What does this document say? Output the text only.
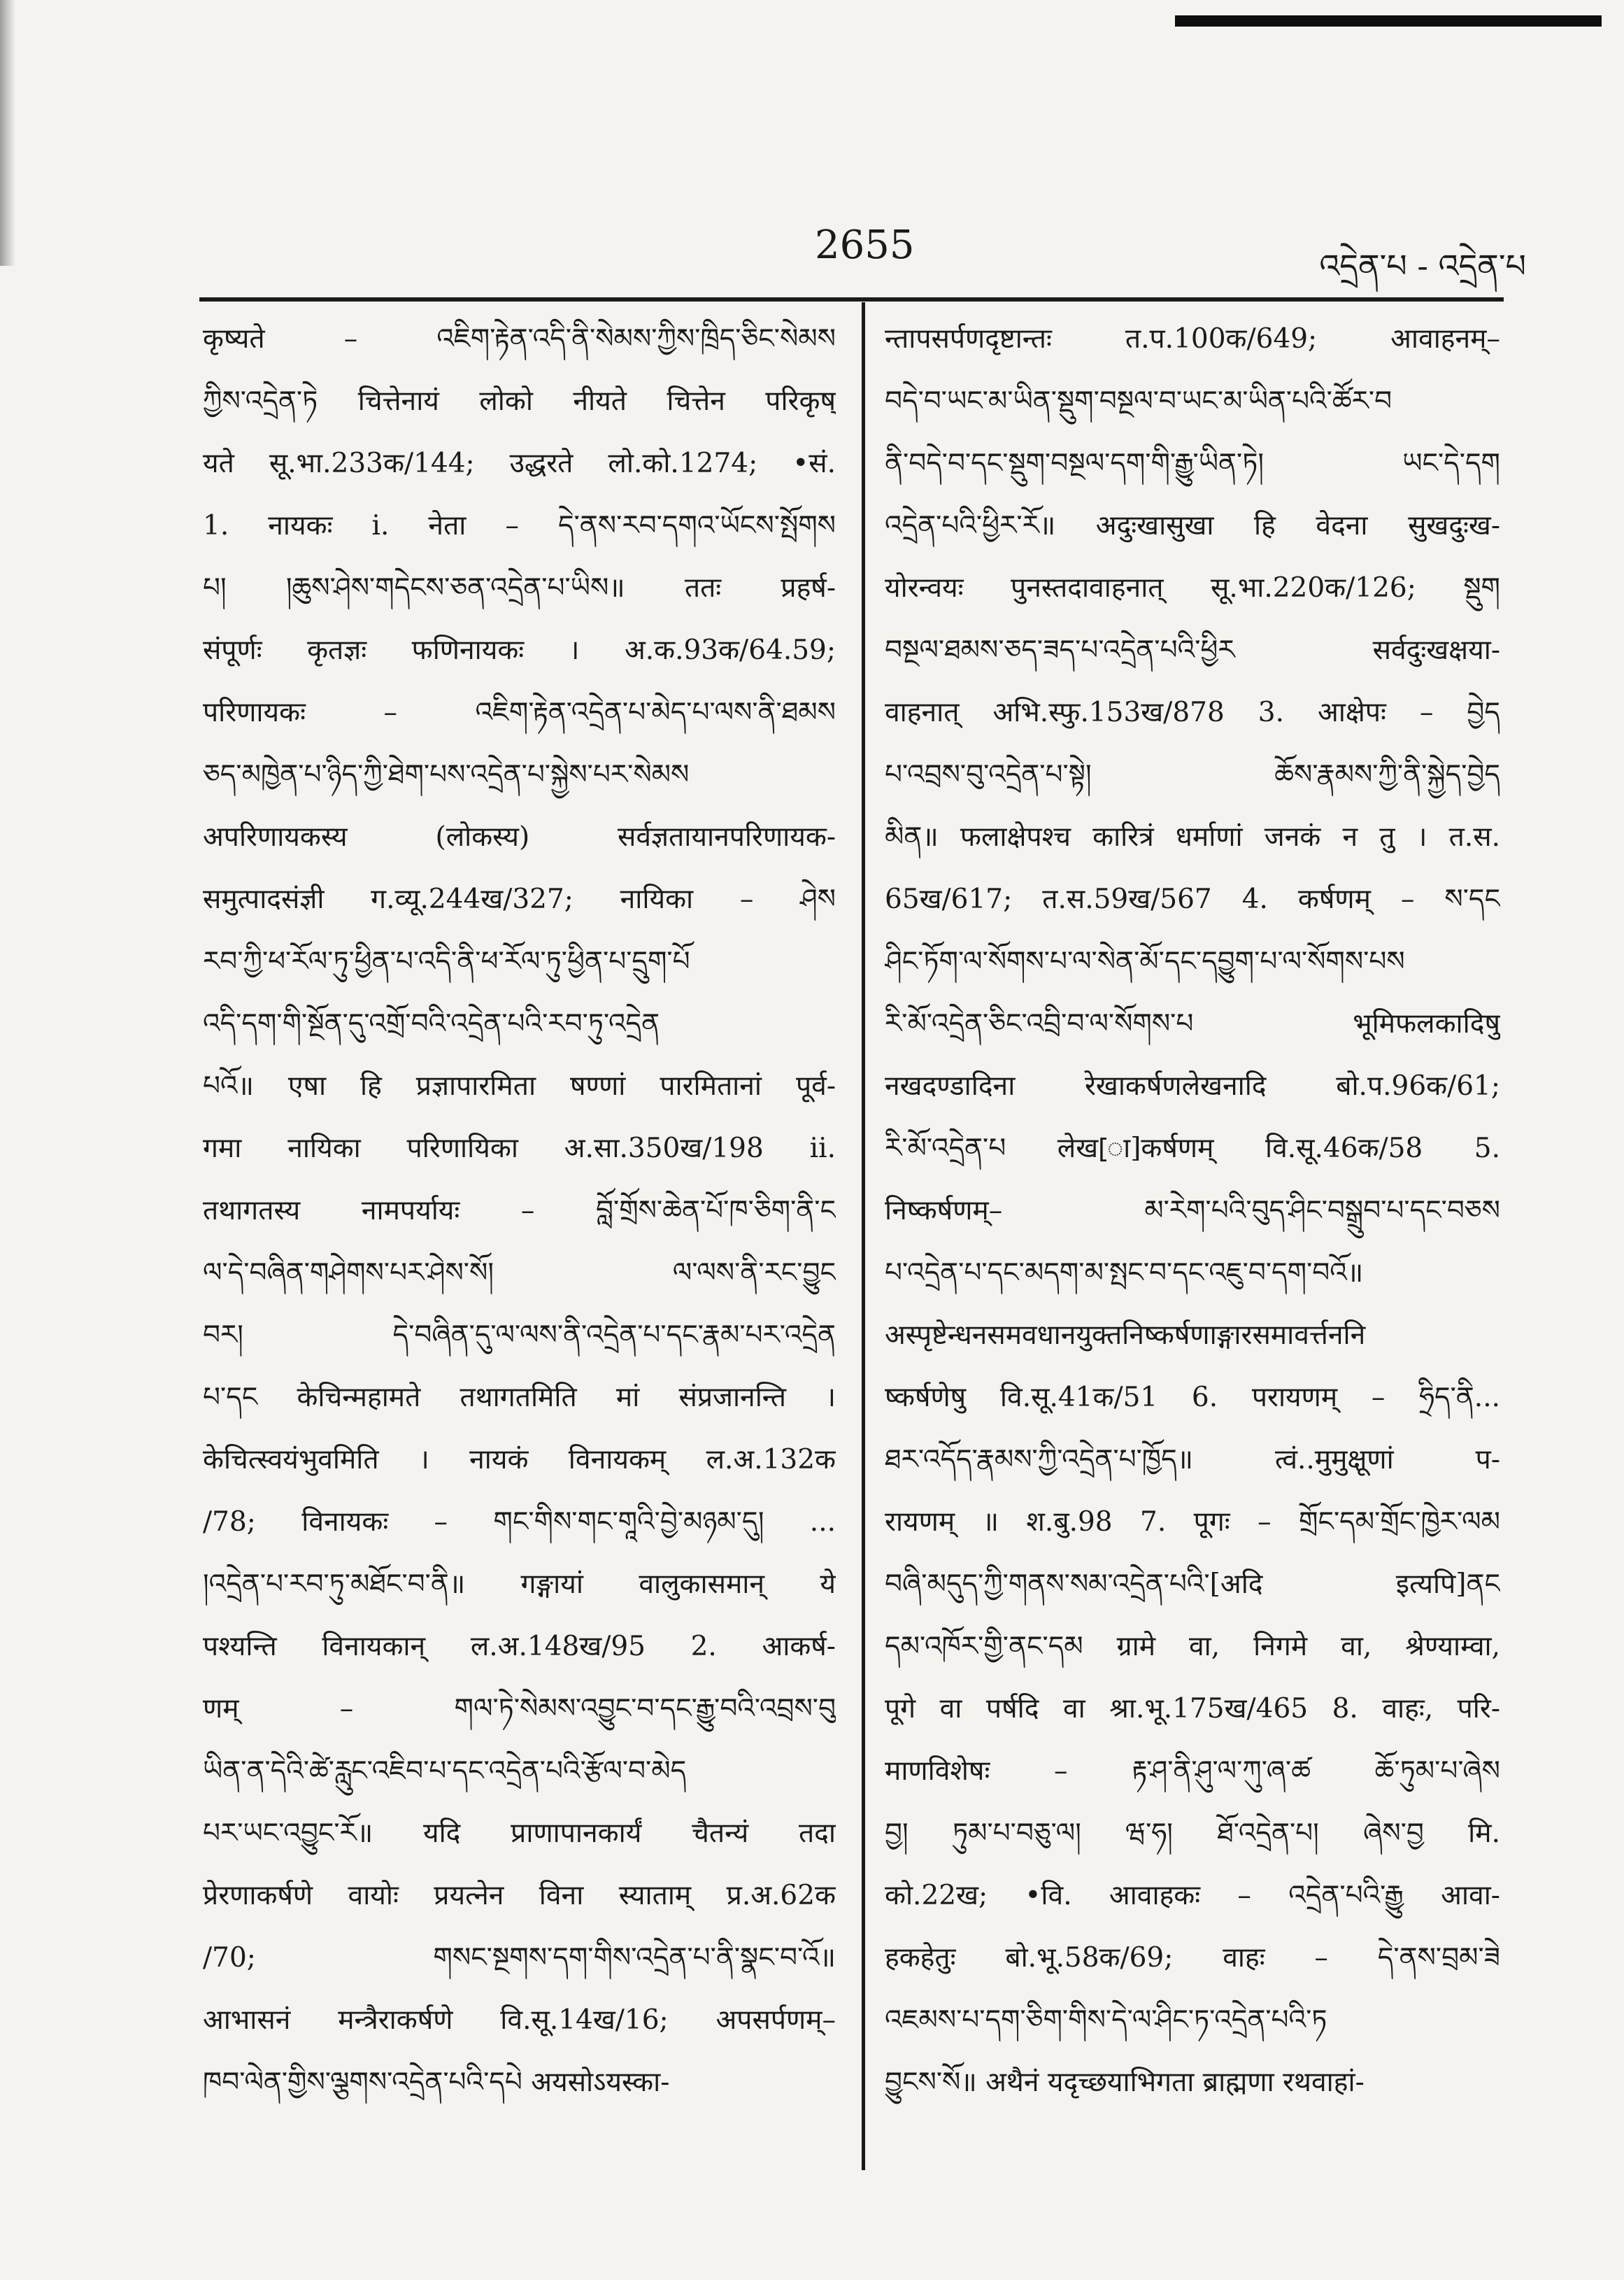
2655	འདྲེན་པ - འདྲེན་པ
कृष्यते – འཇིག་རྟེན་འདི་ནི་སེམས་ཀྱིས་ཁྲིད་ཅིང་སེམས
ཀྱིས་འདྲེན་ཏེ चित्तेनायं लोको नीयते चित्तेन परिकृष्
यते सू.भा.233क/144; उद्धरते लो.को.1274; •सं.
1. नायकः i. नेता – དེ་ནས་རབ་དགའ་ཡོངས་སྤོགས
པ། །ཆུས་ཤེས་གདེངས་ཅན་འདྲེན་པ་ཡིས॥ ततः प्रहर्ष-
संपूर्णः कृतज्ञः फणिनायकः । अ.क.93क/64.59;
परिणायकः – འཇིག་རྟེན་འདྲེན་པ་མེད་པ་ལས་ནི་ཐམས
ཅད་མཁྱེན་པ་ཉིད་ཀྱི་ཐེག་པས་འདྲེན་པ་སྐྱེས་པར་སེམས
अपरिणायकस्य (लोकस्य) सर्वज्ञतायानपरिणायक-
समुत्पादसंज्ञी ग.व्यू.244ख/327; नायिका – ཤེས
རབ་ཀྱི་ཕ་རོལ་ཏུ་ཕྱིན་པ་འདི་ནི་ཕ་རོལ་ཏུ་ཕྱིན་པ་དྲུག་པོ
འདི་དག་གི་སྔོན་དུ་འགྲོ་བའི་འདྲེན་པའི་རབ་ཏུ་འདྲེན
པའོ॥ एषा हि प्रज्ञापारमिता षण्णां पारमितानां पूर्व-
गमा नायिका परिणायिका अ.सा.350ख/198 ii.
तथागतस्य नामपर्यायः – བློ་གྲོས་ཆེན་པོ་ཁ་ཅིག་ནི་ང
ལ་དེ་བཞིན་གཤེགས་པར་ཤེས་སོ། ལ་ལས་ནི་རང་བྱུང
བར། དེ་བཞིན་དུ་ལ་ལས་ནི་འདྲེན་པ་དང་རྣམ་པར་འདྲེན
པ་དང केचिन्महामते तथागतमिति मां संप्रजानन्ति ।
केचित्स्वयंभुवमिति । नायकं विनायकम् ल.अ.132क
/78; विनायकः – གང་གིས་གང་གཱའི་བྱེ་མཉམ་དུ། ...
།འདྲེན་པ་རབ་ཏུ་མཐོང་བ་ནི॥ गङ्गायां वालुकासमान् ये
पश्यन्ति विनायकान् ल.अ.148ख/95 2. आकर्ष-
णम् – གལ་ཏེ་སེམས་འབྱུང་བ་དང་རྒྱུ་བའི་འབྲས་བུ
ཡིན་ན་དེའི་ཚེ་རླུང་འཇིབ་པ་དང་འདྲེན་པའི་རྩོལ་བ་མེད
པར་ཡང་འབྱུང་རོ॥ यदि प्राणापानकार्यं चैतन्यं तदा
प्रेरणाकर्षणे वायोः प्रयत्नेन विना स्याताम् प्र.अ.62क
/70; གསང་སྔགས་དག་གིས་འདྲེན་པ་ནི་སྣང་བ་འོ॥
आभासनं मन्त्रैराकर्षणे वि.सू.14ख/16; अपसर्पणम्–
ཁབ་ལེན་གྱིས་ལྕགས་འདྲེན་པའི་དཔེ अयसोऽयस्का-
न्तापसर्पणदृष्टान्तः त.प.100क/649; आवाहनम्–
བདེ་བ་ཡང་མ་ཡིན་སྡུག་བསྔལ་བ་ཡང་མ་ཡིན་པའི་ཚོར་བ
ནི་བདེ་བ་དང་སྡུག་བསྔལ་དག་གི་རྒྱུ་ཡིན་ཏེ། ཡང་དེ་དག
འདྲེན་པའི་ཕྱིར་རོ॥ अदुःखासुखा हि वेदना सुखदुःख-
योरन्वयः पुनस्तदावाहनात् सू.भा.220क/126; སྡུག
བསྔལ་ཐམས་ཅད་ཟད་པ་འདྲེན་པའི་ཕྱིར सर्वदुःखक्षया-
वाहनात् अभि.स्फु.153ख/878 3. आक्षेपः – བྱེད
པ་འབྲས་བུ་འདྲེན་པ་སྟེ། ཆོས་རྣམས་ཀྱི་ནི་སྐྱེད་བྱེད
མིན॥ फलाक्षेपश्च कारित्रं धर्माणां जनकं न तु । त.स.
65ख/617; त.स.59ख/567 4. कर्षणम् – ས་དང
ཤིང་ཏོག་ལ་སོགས་པ་ལ་སེན་མོ་དང་དབྱུག་པ་ལ་སོགས་པས
རི་མོ་འདྲེན་ཅིང་འབྲི་བ་ལ་སོགས་པ भूमिफलकादिषु
नखदण्डादिना रेखाकर्षणलेखनादि बो.प.96क/61;
རི་མོ་འདྲེན་པ लेख[ा]कर्षणम् वि.सू.46क/58 5.
निष्कर्षणम्– མ་རེག་པའི་བུད་ཤིང་བསྒྲུབ་པ་དང་བཅས
པ་འདྲེན་པ་དང་མདག་མ་སྤང་བ་དང་འཇུ་བ་དག་བའོ॥
अस्पृष्टेन्धनसमवधानयुक्तनिष्कर्षणाङ्गारसमावर्त्तननि
ष्कर्षणेषु वि.सू.41क/51 6. परायणम् – ཧྲིད་ནི...
ཐར་འདོད་རྣམས་ཀྱི་འདྲེན་པ་ཁྱོད॥ त्वं..मुमुक्षूणां प-
रायणम् ॥ श.बु.98 7. पूगः – གྲོང་དམ་གྲོང་ཁྱེར་ལམ
བཞི་མདུད་ཀྱི་གནས་སམ་འདྲེན་པའི་[अदि इत्यपि]ནང
དམ་འཁོར་གྱི་ནང་དམ ग्रामे वा, निगमे वा, श्रेण्याम्वा,
पूगे वा पर्षदि वा श्रा.भू.175ख/465 8. वाहः, परि-
माणविशेषः – རྟ་ཤ་ནི་ཤུ་ལ་ཀུ་ཞ་ཚ ཆོ་ཏུམ་པ་ཞེས
བྱ། ཏུམ་པ་བཅུ་ལ། ཝ་ཧ། ཐོ་འདྲེན་པ། ཞེས་བྱ मि.
को.22ख; •वि. आवाहकः – འདྲེན་པའི་རྒྱུ आवा-
हकहेतुः बो.भू.58क/69; वाहः – དེ་ནས་བྲམ་ཟེ
འཇམས་པ་དག་ཅིག་གིས་དེ་ལ་ཤིང་ཏ་འདྲེན་པའི་ཏ
བྱུངས་སོ॥ अथैनं यदृच्छयाभिगता ब्राह्मणा रथवाहां-
